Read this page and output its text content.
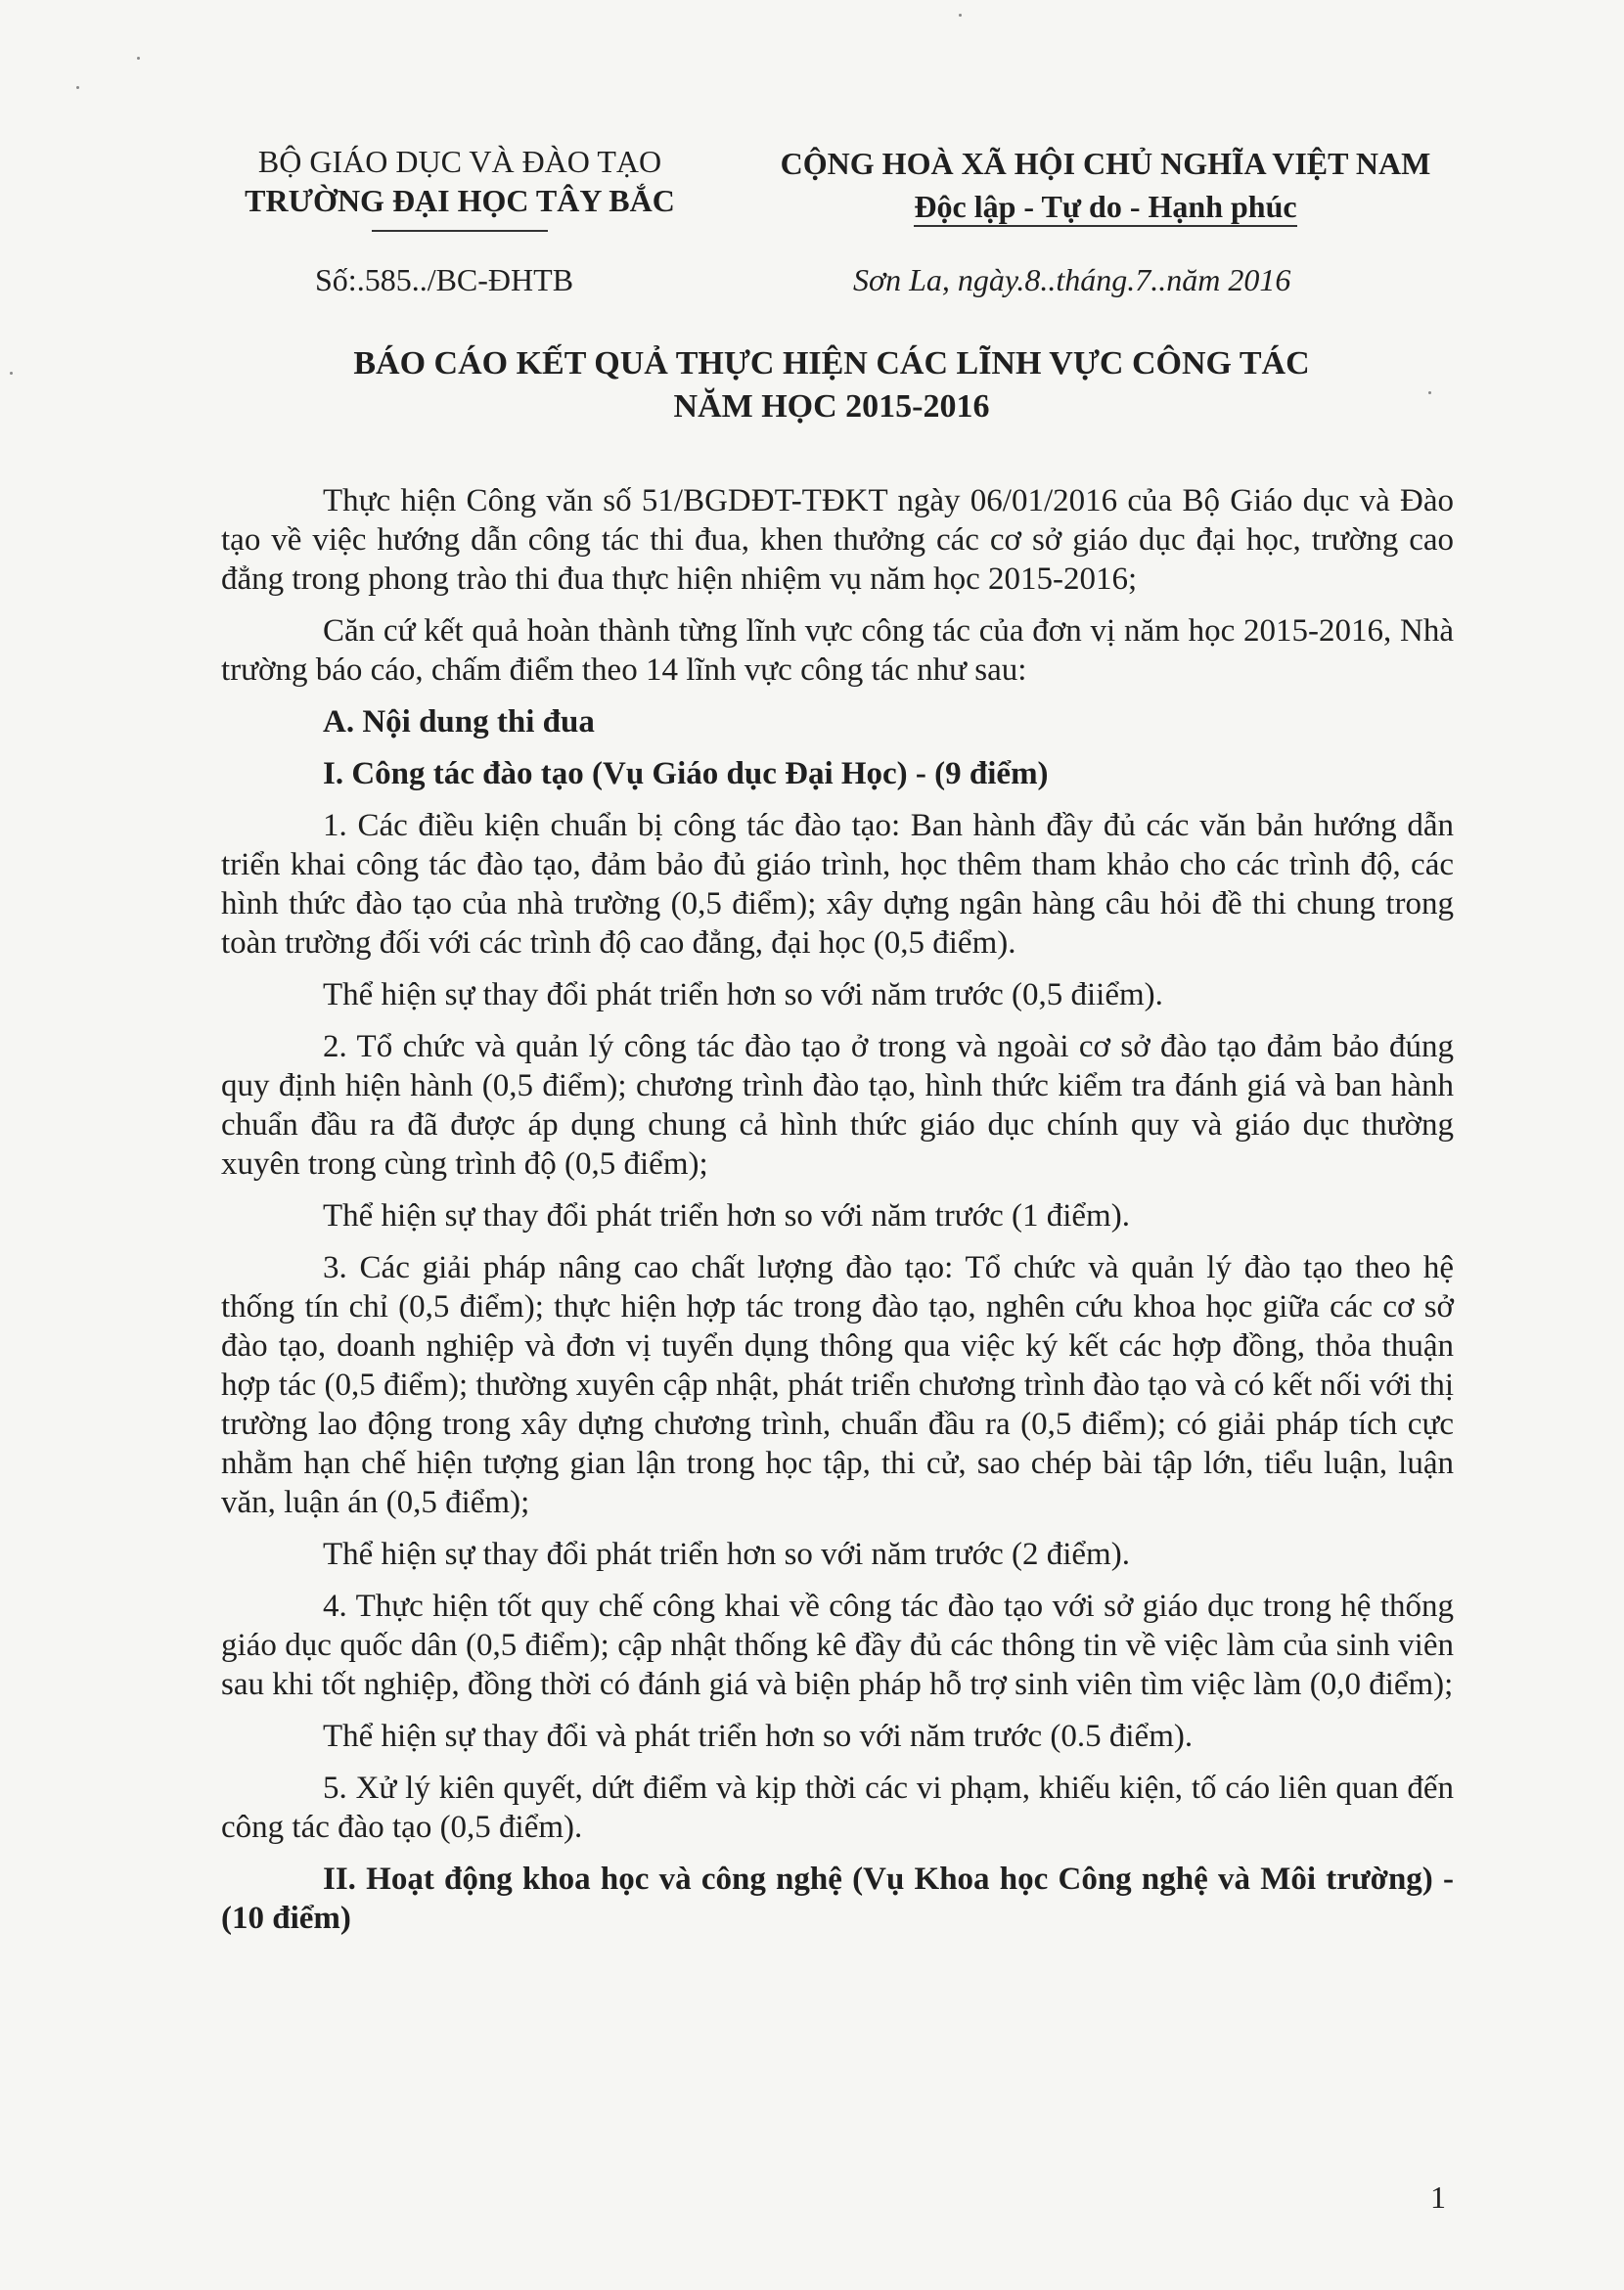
BỘ GIÁO DỤC VÀ ĐÀO TẠO
TRƯỜNG ĐẠI HỌC TÂY BẮC
CỘNG HOÀ XÃ HỘI CHỦ NGHĨA VIỆT NAM
Độc lập - Tự do - Hạnh phúc
Số:.585../BC-ĐHTB	Sơn La, ngày.8..tháng.7..năm 2016
BÁO CÁO KẾT QUẢ THỰC HIỆN CÁC LĨNH VỰC CÔNG TÁC
NĂM HỌC 2015-2016

Thực hiện Công văn số 51/BGDĐT-TĐKT ngày 06/01/2016 của Bộ Giáo dục và Đào tạo về việc hướng dẫn công tác thi đua, khen thưởng các cơ sở giáo dục đại học, trường cao đẳng trong phong trào thi đua thực hiện nhiệm vụ năm học 2015-2016;

Căn cứ kết quả hoàn thành từng lĩnh vực công tác của đơn vị năm học 2015-2016, Nhà trường báo cáo, chấm điểm theo 14 lĩnh vực công tác như sau:

A. Nội dung thi đua

I. Công tác đào tạo (Vụ Giáo dục Đại Học) - (9 điểm)

1. Các điều kiện chuẩn bị công tác đào tạo: Ban hành đầy đủ các văn bản hướng dẫn triển khai công tác đào tạo, đảm bảo đủ giáo trình, học thêm tham khảo cho các trình độ, các hình thức đào tạo của nhà trường (0,5 điểm); xây dựng ngân hàng câu hỏi đề thi chung trong toàn trường đối với các trình độ cao đẳng, đại học (0,5 điểm).

Thể hiện sự thay đổi phát triển hơn so với năm trước (0,5 điiểm).

2. Tổ chức và quản lý công tác đào tạo ở trong và ngoài cơ sở đào tạo đảm bảo đúng quy định hiện hành (0,5 điểm); chương trình đào tạo, hình thức kiểm tra đánh giá và ban hành chuẩn đầu ra đã được áp dụng chung cả hình thức giáo dục chính quy và giáo dục thường xuyên trong cùng trình độ (0,5 điểm);

Thể hiện sự thay đổi phát triển hơn so với năm trước (1 điểm).

3. Các giải pháp nâng cao chất lượng đào tạo: Tổ chức và quản lý đào tạo theo hệ thống tín chỉ (0,5 điểm); thực hiện hợp tác trong đào tạo, nghên cứu khoa học giữa các cơ sở đào tạo, doanh nghiệp và đơn vị tuyển dụng thông qua việc ký kết các hợp đồng, thỏa thuận hợp tác (0,5 điểm); thường xuyên cập nhật, phát triển chương trình đào tạo và có kết nối với thị trường lao động trong xây dựng chương trình, chuẩn đầu ra (0,5 điểm); có giải pháp tích cực nhằm hạn chế hiện tượng gian lận trong học tập, thi cử, sao chép bài tập lớn, tiểu luận, luận văn, luận án (0,5 điểm);

Thể hiện sự thay đổi phát triển hơn so với năm trước (2 điểm).

4. Thực hiện tốt quy chế công khai về công tác đào tạo với sở giáo dục trong hệ thống giáo dục quốc dân (0,5 điểm); cập nhật thống kê đầy đủ các thông tin về việc làm của sinh viên sau khi tốt nghiệp, đồng thời có đánh giá và biện pháp hỗ trợ sinh viên tìm việc làm (0,0 điểm);

Thể hiện sự thay đổi và phát triển hơn so với năm trước (0.5 điểm).

5. Xử lý kiên quyết, dứt điểm và kịp thời các vi phạm, khiếu kiện, tố cáo liên quan đến công tác đào tạo (0,5 điểm).

II. Hoạt động khoa học và công nghệ (Vụ Khoa học Công nghệ và Môi trường) - (10 điểm)

1
